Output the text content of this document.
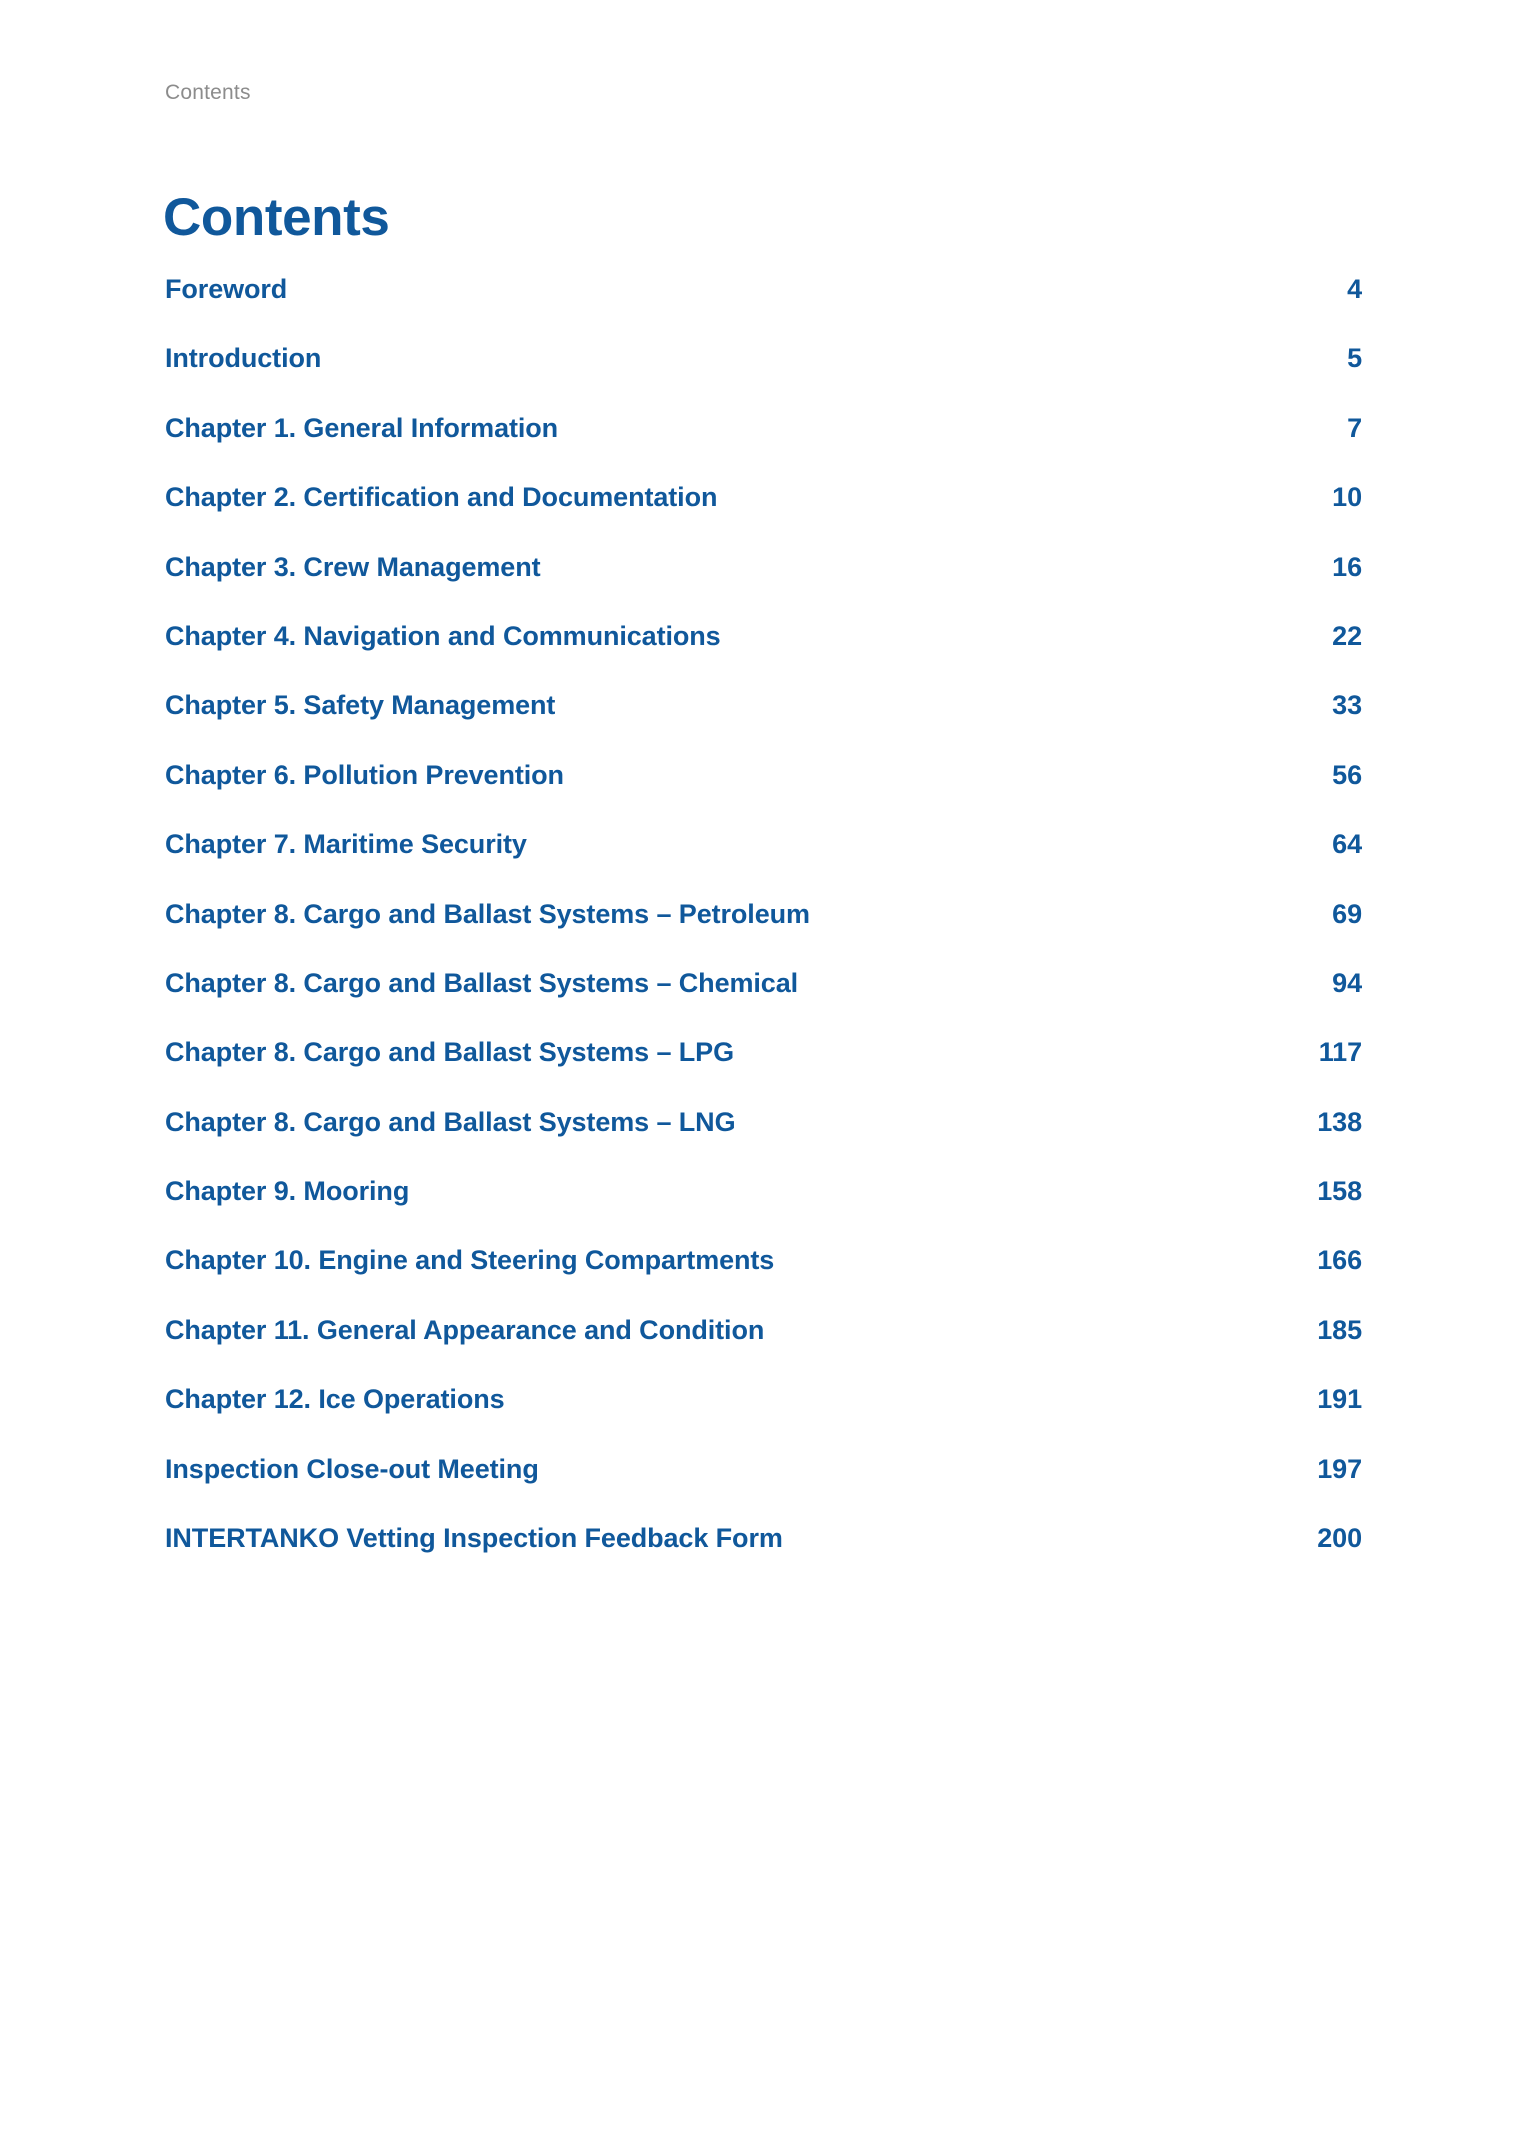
Contents
Contents
Foreword	4
Introduction	5
Chapter 1. General Information	7
Chapter 2. Certification and Documentation	10
Chapter 3. Crew Management	16
Chapter 4. Navigation and Communications	22
Chapter 5. Safety Management	33
Chapter 6. Pollution Prevention	56
Chapter 7. Maritime Security	64
Chapter 8. Cargo and Ballast Systems – Petroleum	69
Chapter 8. Cargo and Ballast Systems – Chemical	94
Chapter 8. Cargo and Ballast Systems – LPG	117
Chapter 8. Cargo and Ballast Systems – LNG	138
Chapter 9. Mooring	158
Chapter 10. Engine and Steering Compartments	166
Chapter 11. General Appearance and Condition	185
Chapter 12. Ice Operations	191
Inspection Close-out Meeting	197
INTERTANKO Vetting Inspection Feedback Form	200
